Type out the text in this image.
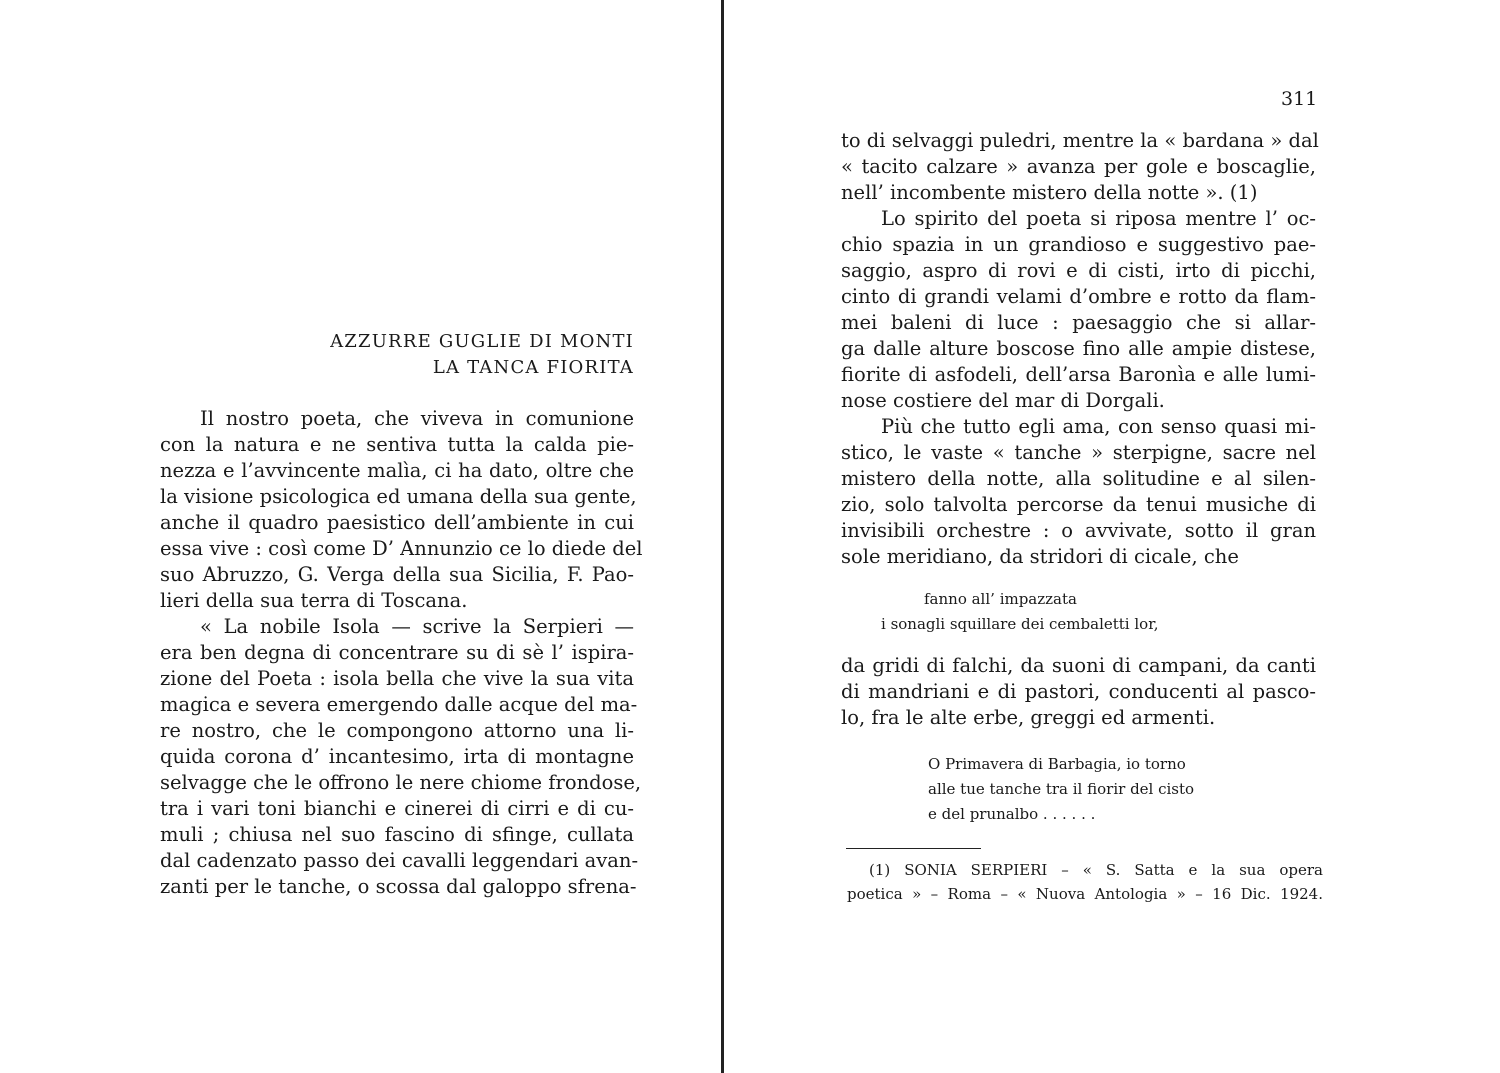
AZZURRE GUGLIE DI MONTI
LA TANCA FIORITA
Il nostro poeta, che viveva in comunione
con la natura e ne sentiva tutta la calda pie-
nezza e l’avvincente malìa, ci ha dato, oltre che
la visione psicologica ed umana della sua gente,
anche il quadro paesistico dell’ambiente in cui
essa vive : così come D’ Annunzio ce lo diede del
suo Abruzzo, G. Verga della sua Sicilia, F. Pao-
lieri della sua terra di Toscana.
« La nobile Isola — scrive la Serpieri —
era ben degna di concentrare su di sè l’ ispira-
zione del Poeta : isola bella che vive la sua vita
magica e severa emergendo dalle acque del ma-
re nostro, che le compongono attorno una li-
quida corona d’ incantesimo, irta di montagne
selvagge che le offrono le nere chiome frondose,
tra i vari toni bianchi e cinerei di cirri e di cu-
muli ; chiusa nel suo fascino di sfinge, cullata
dal cadenzato passo dei cavalli leggendari avan-
zanti per le tanche, o scossa dal galoppo sfrena-
311
to di selvaggi puledri, mentre la « bardana » dal
« tacito calzare » avanza per gole e boscaglie,
nell’ incombente mistero della notte ». (1)
Lo spirito del poeta si riposa mentre l’ oc-
chio spazia in un grandioso e suggestivo pae-
saggio, aspro di rovi e di cisti, irto di picchi,
cinto di grandi velami d’ombre e rotto da flam-
mei baleni di luce : paesaggio che si allar-
ga dalle alture boscose fino alle ampie distese,
fiorite di asfodeli, dell’arsa Baronìa e alle lumi-
nose costiere del mar di Dorgali.
Più che tutto egli ama, con senso quasi mi-
stico, le vaste « tanche » sterpigne, sacre nel
mistero della notte, alla solitudine e al silen-
zio, solo talvolta percorse da tenui musiche di
invisibili orchestre : o avvivate, sotto il gran
sole meridiano, da stridori di cicale, che
fanno all’ impazzata
i sonagli squillare dei cembaletti lor,
da gridi di falchi, da suoni di campani, da canti
di mandriani e di pastori, conducenti al pasco-
lo, fra le alte erbe, greggi ed armenti.
O Primavera di Barbagia, io torno
alle tue tanche tra il fiorir del cisto
e del prunalbo . . . . . .
(1) SONIA SERPIERI – « S. Satta e la sua opera
poetica » – Roma – « Nuova Antologia » – 16 Dic. 1924.
